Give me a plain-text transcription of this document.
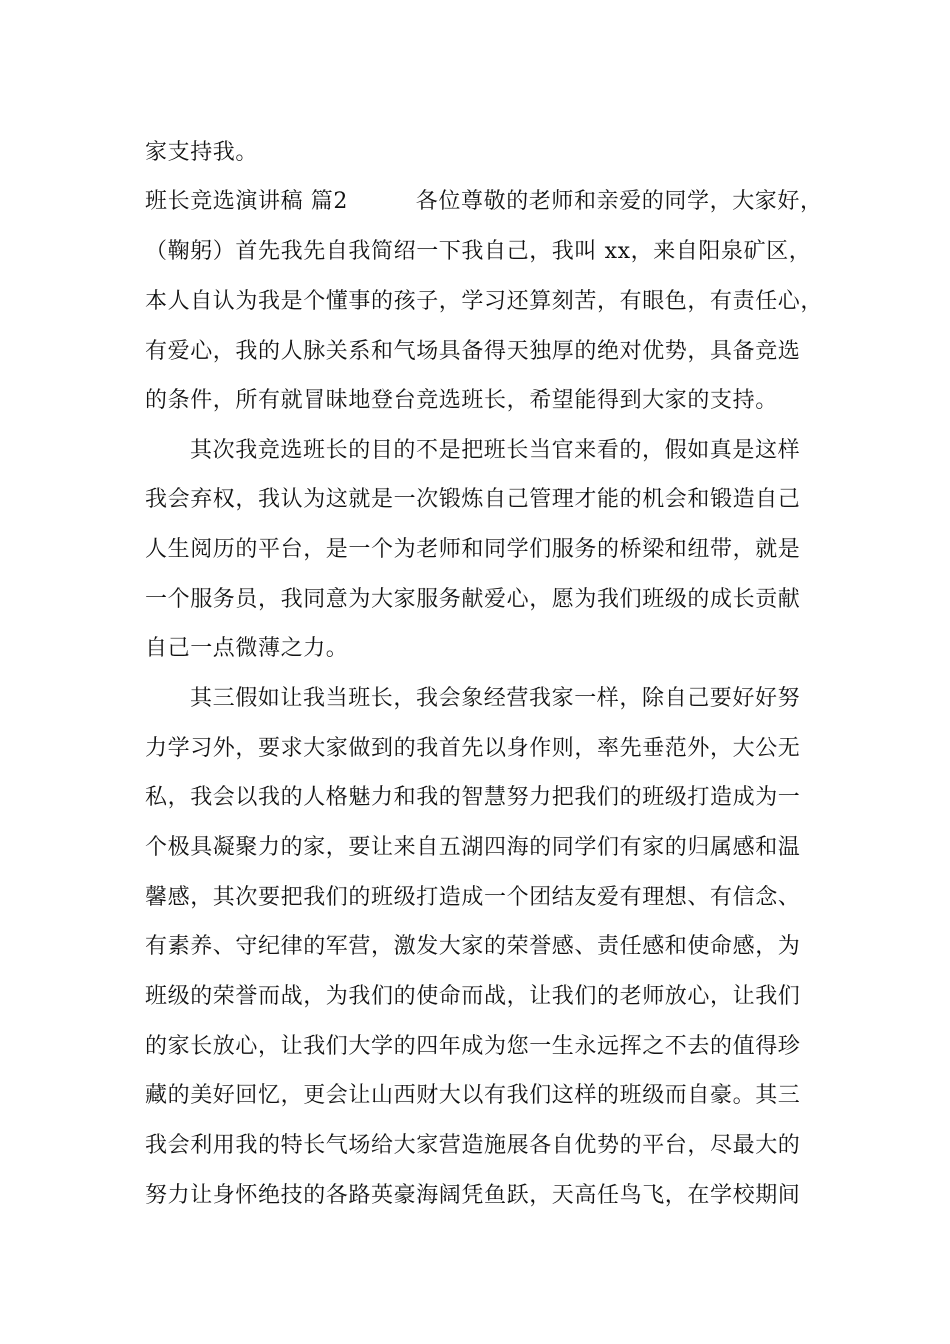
家支持我。

班长竞选演讲稿 篇2　　　各位尊敬的老师和亲爱的同学，大家好，

（鞠躬）首先我先自我简绍一下我自己，我叫 xx，来自阳泉矿区，

本人自认为我是个懂事的孩子，学习还算刻苦，有眼色，有责任心，

有爱心，我的人脉关系和气场具备得天独厚的绝对优势，具备竞选

的条件，所有就冒昧地登台竞选班长，希望能得到大家的支持。

其次我竞选班长的目的不是把班长当官来看的，假如真是这样

我会弃权，我认为这就是一次锻炼自己管理才能的机会和锻造自己

人生阅历的平台，是一个为老师和同学们服务的桥梁和纽带，就是

一个服务员，我同意为大家服务献爱心，愿为我们班级的成长贡献

自己一点微薄之力。

其三假如让我当班长，我会象经营我家一样，除自己要好好努

力学习外，要求大家做到的我首先以身作则，率先垂范外，大公无

私，我会以我的人格魅力和我的智慧努力把我们的班级打造成为一

个极具凝聚力的家，要让来自五湖四海的同学们有家的归属感和温

馨感，其次要把我们的班级打造成一个团结友爱有理想、有信念、

有素养、守纪律的军营，激发大家的荣誉感、责任感和使命感，为

班级的荣誉而战，为我们的使命而战，让我们的老师放心，让我们

的家长放心，让我们大学的四年成为您一生永远挥之不去的值得珍

藏的美好回忆，更会让山西财大以有我们这样的班级而自豪。其三

我会利用我的特长气场给大家营造施展各自优势的平台，尽最大的

努力让身怀绝技的各路英豪海阔凭鱼跃，天高任鸟飞，在学校期间
